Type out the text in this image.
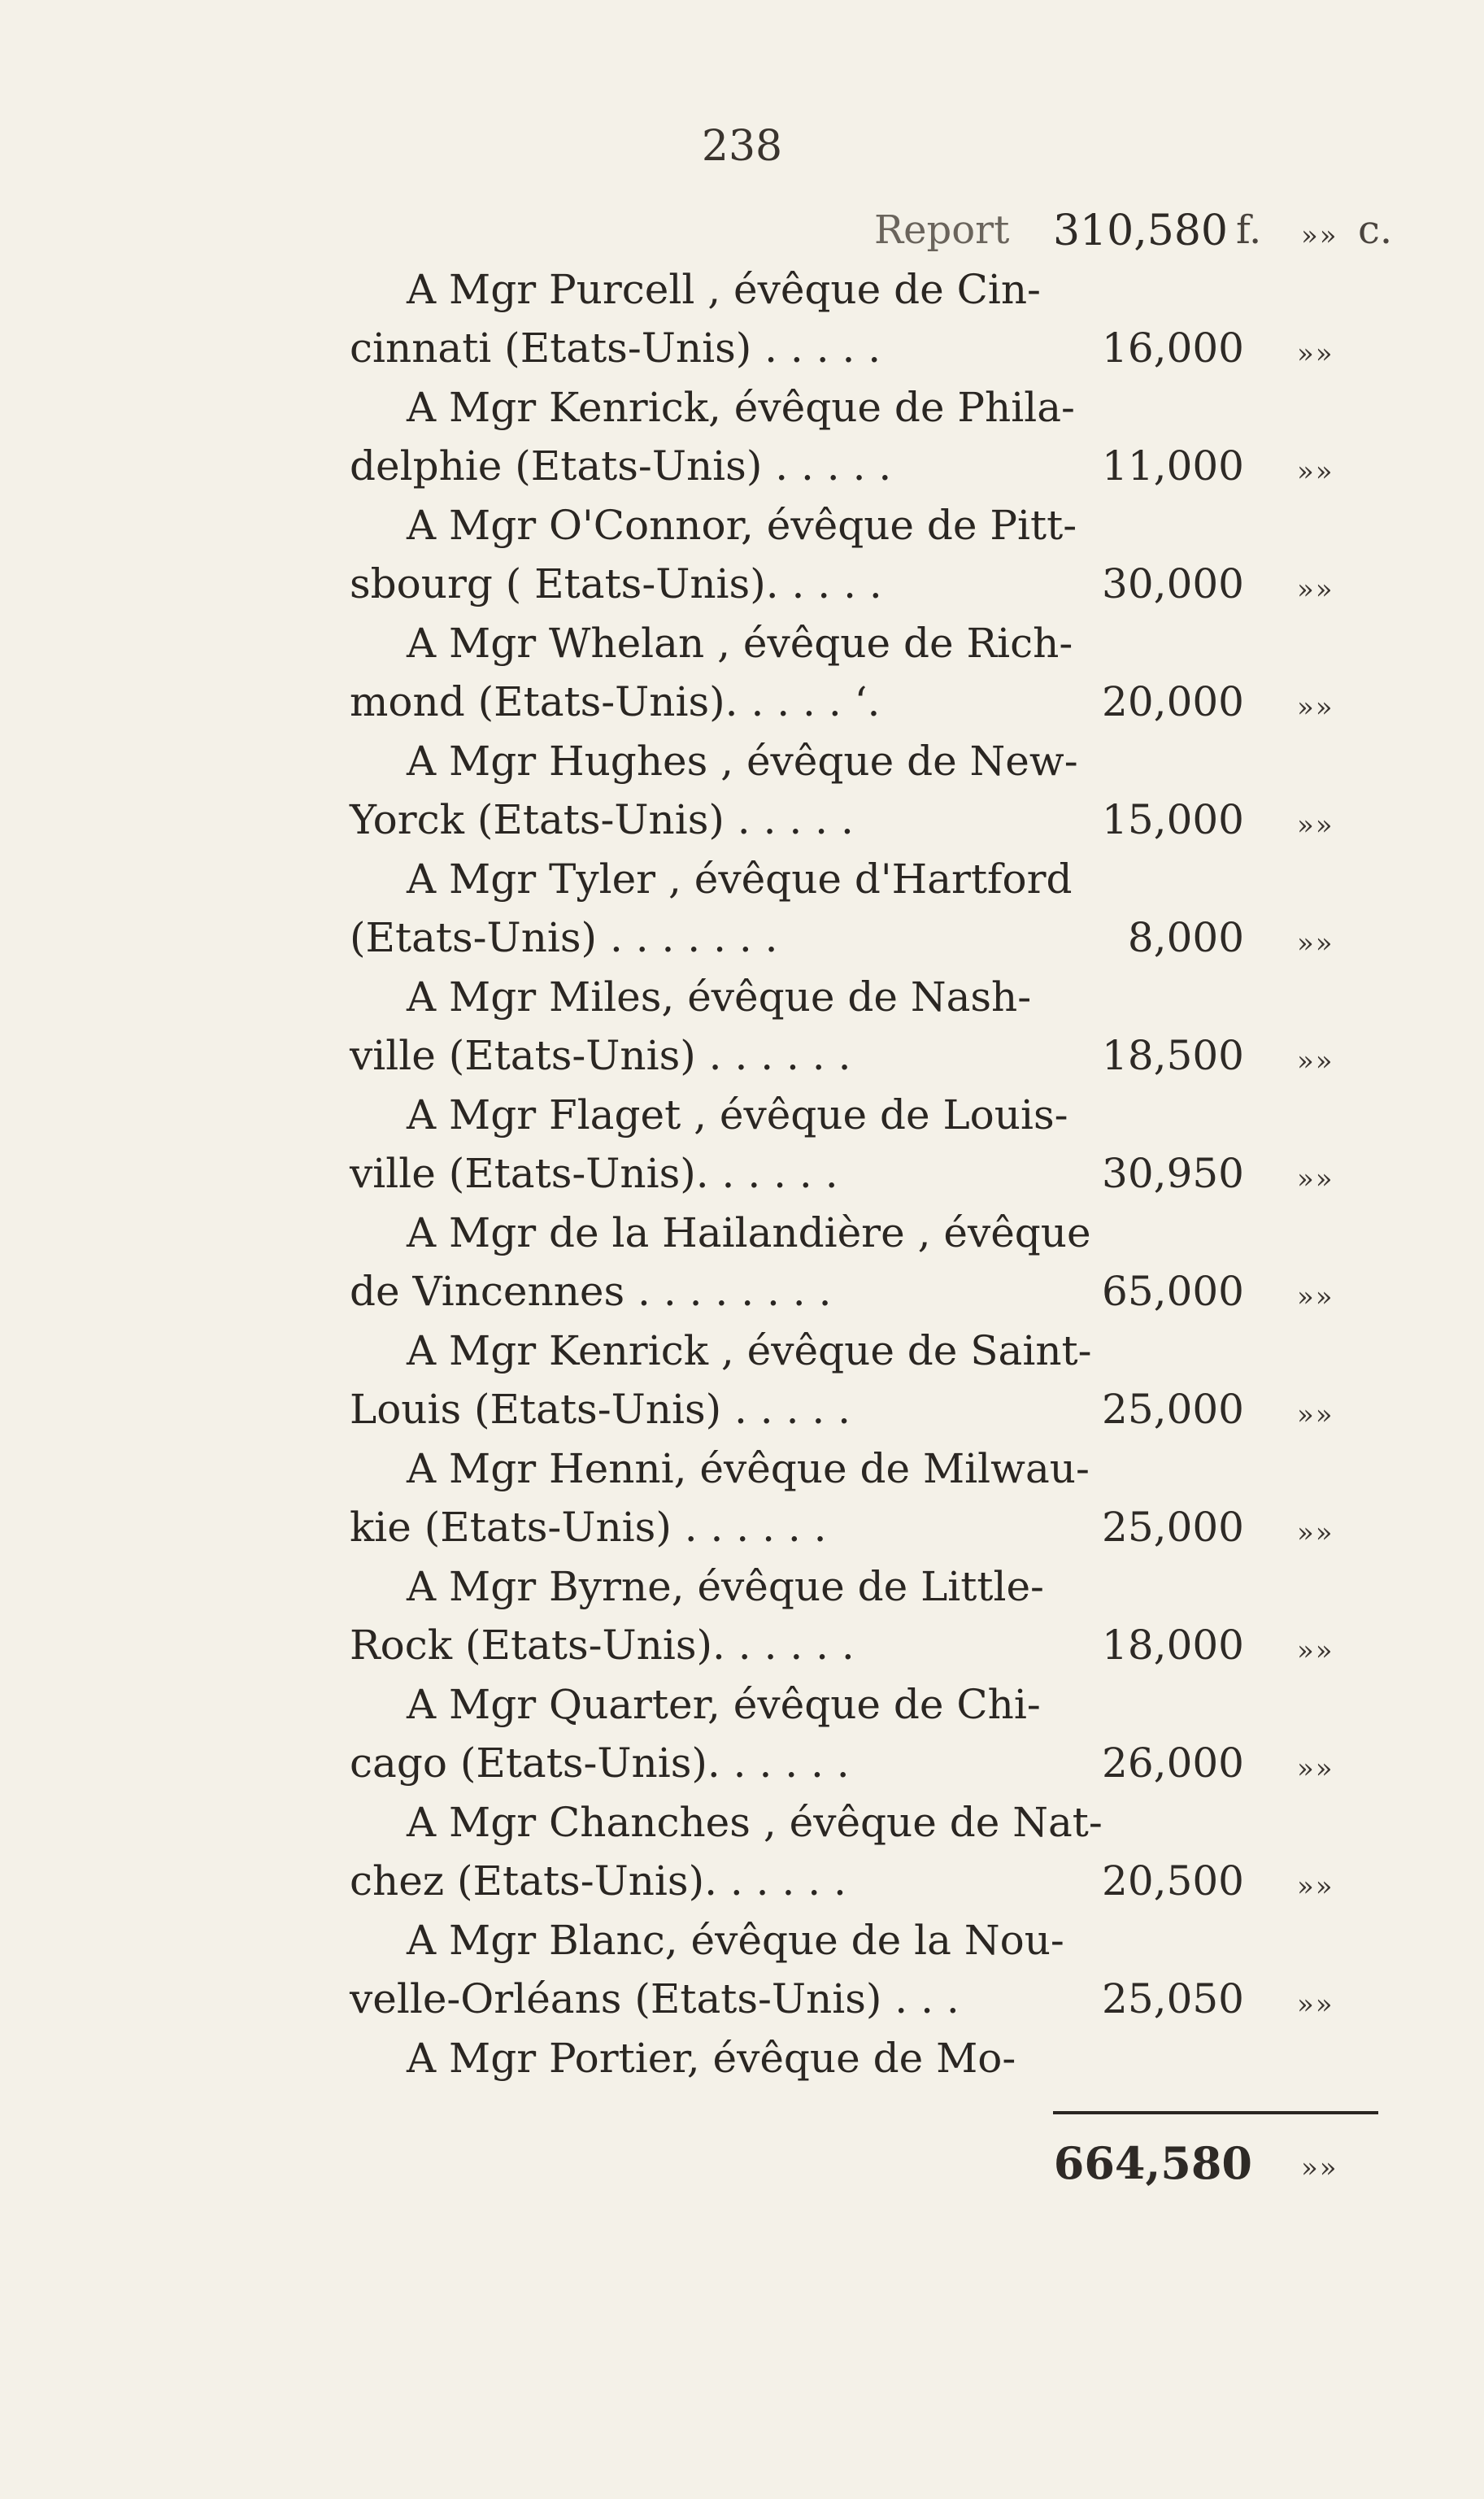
238
Report	310,580 f. »» c.
A Mgr Purcell , évêque de Cin-
cinnati (Etats-Unis) . . . . .	16,000 »»
A Mgr Kenrick, évêque de Phila-
delphie (Etats-Unis) . . . . .	11,000 »»
A Mgr O'Connor, évêque de Pitt-
sbourg ( Etats-Unis). . . . .	30,000 »»
A Mgr Whelan , évêque de Rich-
mond (Etats-Unis). . . . . ‘.	20,000 »»
A Mgr Hughes , évêque de New-
Yorck (Etats-Unis) . . . . .	15,000 »»
A Mgr Tyler , évêque d'Hartford
(Etats-Unis) . . . . . . .	8,000 »»
A Mgr Miles, évêque de Nash-
ville (Etats-Unis) . . . . . .	18,500 »»
A Mgr Flaget , évêque de Louis-
ville (Etats-Unis). . . . . .	30,950 »»
A Mgr de la Hailandière , évêque
de Vincennes . . . . . . . .	65,000 »»
A Mgr Kenrick , évêque de Saint-
Louis (Etats-Unis) . . . . .	25,000 »»
A Mgr Henni, évêque de Milwau-
kie (Etats-Unis) . . . . . .	25,000 »»
A Mgr Byrne, évêque de Little-
Rock (Etats-Unis). . . . . .	18,000 »»
A Mgr Quarter, évêque de Chi-
cago (Etats-Unis). . . . . .	26,000 »»
A Mgr Chanches , évêque de Nat-
chez (Etats-Unis). . . . . .	20,500 »»
A Mgr Blanc, évêque de la Nou-
velle-Orléans (Etats-Unis) . . .	25,050 »»
A Mgr Portier, évêque de Mo-
664,580 »»
